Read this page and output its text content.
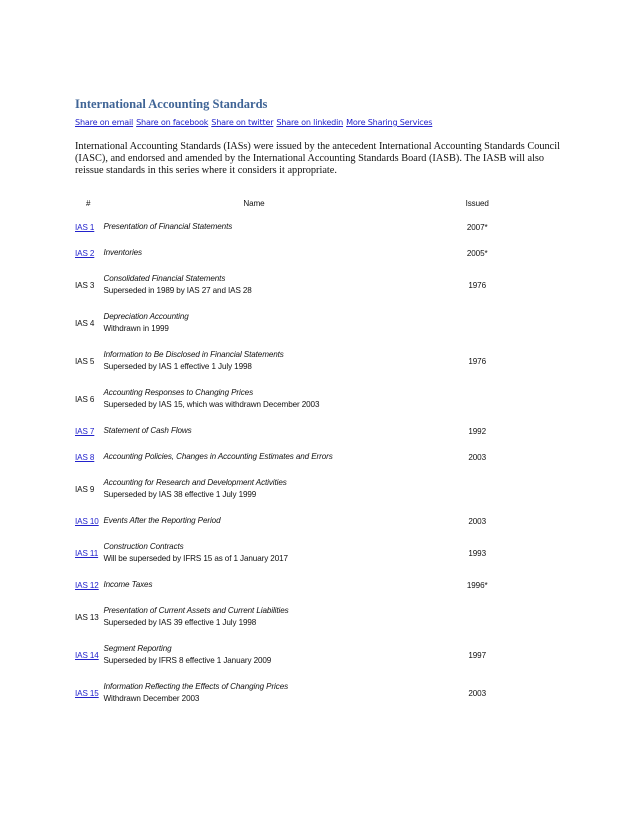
International Accounting Standards
Share on email Share on facebook Share on twitter Share on linkedin More Sharing Services
International Accounting Standards (IASs) were issued by the antecedent International Accounting Standards Council (IASC), and endorsed and amended by the International Accounting Standards Board (IASB). The IASB will also reissue standards in this series where it considers it appropriate.
#	Name	Issued
IAS 1	Presentation of Financial Statements	2007*
IAS 2	Inventories	2005*
IAS 3	Consolidated Financial Statements
Superseded in 1989 by IAS 27 and IAS 28	1976
IAS 4	Depreciation Accounting
Withdrawn in 1999	

IAS 5	Information to Be Disclosed in Financial Statements
Superseded by IAS 1 effective 1 July 1998	1976
IAS 6	Accounting Responses to Changing Prices
Superseded by IAS 15, which was withdrawn December 2003	

IAS 7	Statement of Cash Flows	1992
IAS 8	Accounting Policies, Changes in Accounting Estimates and Errors	2003
IAS 9	Accounting for Research and Development Activities
Superseded by IAS 38 effective 1 July 1999	

IAS 10	Events After the Reporting Period	2003
IAS 11	Construction Contracts
Will be superseded by IFRS 15 as of 1 January 2017	1993
IAS 12	Income Taxes	1996*
IAS 13	Presentation of Current Assets and Current Liabilities
Superseded by IAS 39 effective 1 July 1998	

IAS 14	Segment Reporting
Superseded by IFRS 8 effective 1 January 2009	1997
IAS 15	Information Reflecting the Effects of Changing Prices
Withdrawn December 2003	2003
